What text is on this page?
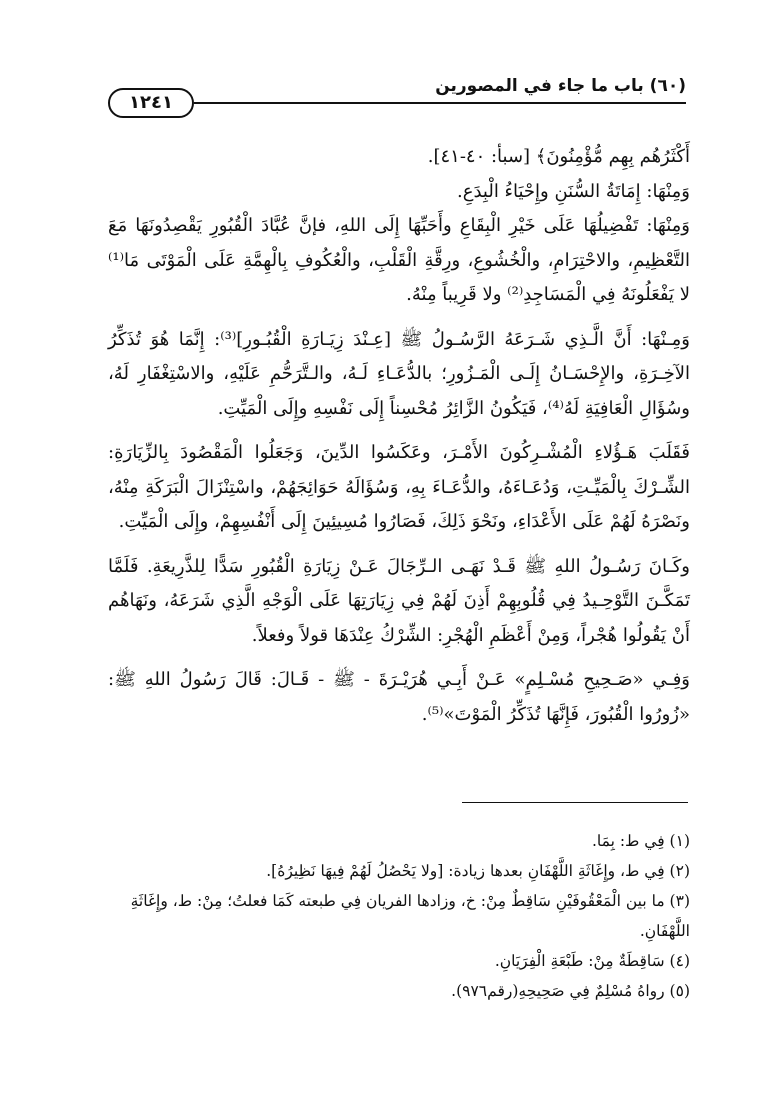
(٦٠) باب ما جاء في المصورين
١٢٤١

أَكْثَرُهُم بِهِم مُّؤْمِنُونَ﴾ [سبأ: ٤٠-٤١].

وَمِنْهَا: إِمَاتَةُ السُّنَنِ وإِحْيَاءُ الْبِدَعِ.

وَمِنْهَا: تَفْضِيلُهَا عَلَى خَيْرِ الْبِقَاعِ وأَحَبِّهَا إِلَى اللهِ، فإنَّ عُبَّادَ الْقُبُورِ يَقْصِدُونَهَا مَعَ التَّعْظِيمِ، والاحْتِرَامِ، والْخُشُوعِ، ورِقَّةِ الْقَلْبِ، والْعُكُوفِ بِالْهِمَّةِ عَلَى الْمَوْتَى مَا⁽¹⁾ لا يَفْعَلُونَهُ فِي الْمَسَاجِدِ⁽²⁾ ولا قَرِيباً مِنْهُ.

وَمِـنْهَا: أَنَّ الَّـذِي شَـرَعَهُ الرَّسُـولُ ﷺ [عِـنْدَ زِيَـارَةِ الْقُبُـورِ]⁽³⁾: إِنَّمَا هُوَ تُذَكِّرُ الآخِـرَةِ، والإِحْسَـانُ إِلَـى الْمَـزُورِ؛ بالدُّعَـاءِ لَـهُ، والـتَّرَحُّمِ عَلَيْهِ، والاسْتِغْفَارِ لَهُ، وسُؤَالِ الْعَافِيَةِ لَهُ⁽⁴⁾، فَيَكُونُ الزَّائِرُ مُحْسِناً إِلَى نَفْسِهِ وإِلَى الْمَيِّتِ.

فَقَلَبَ هَـؤُلاءِ الْمُشْـرِكُونَ الأَمْـرَ، وعَكَسُوا الدِّينَ، وَجَعَلُوا الْمَقْصُودَ بِالزِّيَارَةِ: الشِّـرْكَ بِالْمَيِّـتِ، وَدُعَـاءَهُ، والدُّعَـاءَ بِهِ، وَسُؤَالَهُ حَوَائِجَهُمْ، واسْتِنْزَالَ الْبَرَكَةِ مِنْهُ، ونَصْرَهُ لَهُمْ عَلَى الأَعْدَاءِ، ونَحْوَ ذَلِكَ، فَصَارُوا مُسِيئِينَ إِلَى أَنْفُسِهِمْ، وإِلَى الْمَيِّتِ.

وكَـانَ رَسُـولُ اللهِ ﷺ قَـدْ نَهَـى الـرِّجَالَ عَـنْ زِيَارَةِ الْقُبُورِ سَدًّا لِلذَّرِيعَةِ. فَلَمَّا تَمَكَّـنَ التَّوْحِـيدُ فِي قُلُوبِهِمْ أَذِنَ لَهُمْ فِي زِيَارَتِهَا عَلَى الْوَجْهِ الَّذِي شَرَعَهُ، ونَهَاهُم أَنْ يَقُولُوا هُجْراً، وَمِنْ أَعْظَمِ الْهُجْرِ: الشِّرْكُ عِنْدَهَا قولاً وفعلاً.

وَفِـي «صَـحِيحِ مُسْـلِمٍ» عَـنْ أَبِـي هُرَيْـرَةَ - ﷺ - قَـالَ: قَالَ رَسُولُ اللهِ ﷺ: «زُورُوا الْقُبُورَ، فَإِنَّهَا تُذَكِّرُ الْمَوْتَ»⁽⁵⁾.

(١) فِي ط: بِمَا.

(٢) فِي ط، وإِغَاثَةِ اللَّهْفَانِ بعدها زيادة: [ولا يَحْصُلُ لَهُمْ فِيهَا نَظِيرُهُ].

(٣) ما بين الْمَعْقُوفَيْنِ سَاقِطٌ مِنْ: خ، وزادها الفريان فِي طبعته كَمَا فعلتُ؛ مِنْ: ط، وإِغَاثَةِ اللَّهْفَانِ.

(٤) سَاقِطَةٌ مِنْ: طَبْعَةِ الْفِرَيَانِ.

(٥) رواهُ مُسْلِمٌ فِي صَحِيحِهِ(رقم٩٧٦).
